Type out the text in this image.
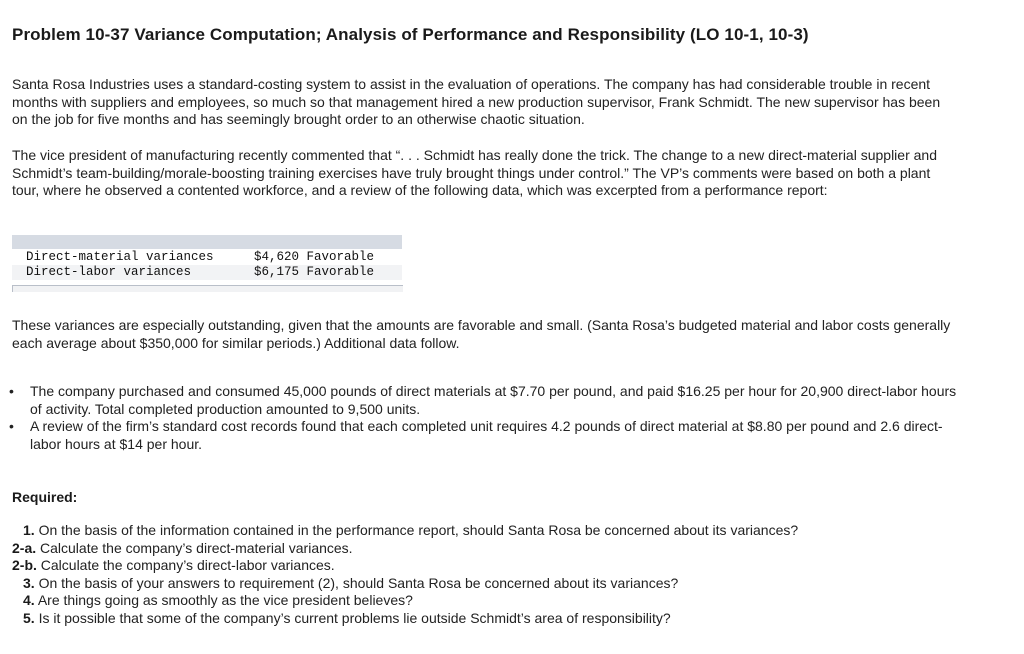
Problem 10-37 Variance Computation; Analysis of Performance and Responsibility (LO 10-1, 10-3)

Santa Rosa Industries uses a standard-costing system to assist in the evaluation of operations. The company has had considerable trouble in recent months with suppliers and employees, so much so that management hired a new production supervisor, Frank Schmidt. The new supervisor has been on the job for five months and has seemingly brought order to an otherwise chaotic situation.

The vice president of manufacturing recently commented that “. . . Schmidt has really done the trick. The change to a new direct-material supplier and Schmidt’s team-building/morale-boosting training exercises have truly brought things under control.” The VP’s comments were based on both a plant tour, where he observed a contented workforce, and a review of the following data, which was excerpted from a performance report:

Direct-material variances	$4,620 Favorable
Direct-labor variances	$6,175 Favorable

These variances are especially outstanding, given that the amounts are favorable and small. (Santa Rosa’s budgeted material and labor costs generally each average about $350,000 for similar periods.) Additional data follow.

• The company purchased and consumed 45,000 pounds of direct materials at $7.70 per pound, and paid $16.25 per hour for 20,900 direct-labor hours of activity. Total completed production amounted to 9,500 units.
• A review of the firm’s standard cost records found that each completed unit requires 4.2 pounds of direct material at $8.80 per pound and 2.6 direct-labor hours at $14 per hour.

Required:

1. On the basis of the information contained in the performance report, should Santa Rosa be concerned about its variances?
2-a. Calculate the company’s direct-material variances.
2-b. Calculate the company’s direct-labor variances.
3. On the basis of your answers to requirement (2), should Santa Rosa be concerned about its variances?
4. Are things going as smoothly as the vice president believes?
5. Is it possible that some of the company’s current problems lie outside Schmidt’s area of responsibility?
